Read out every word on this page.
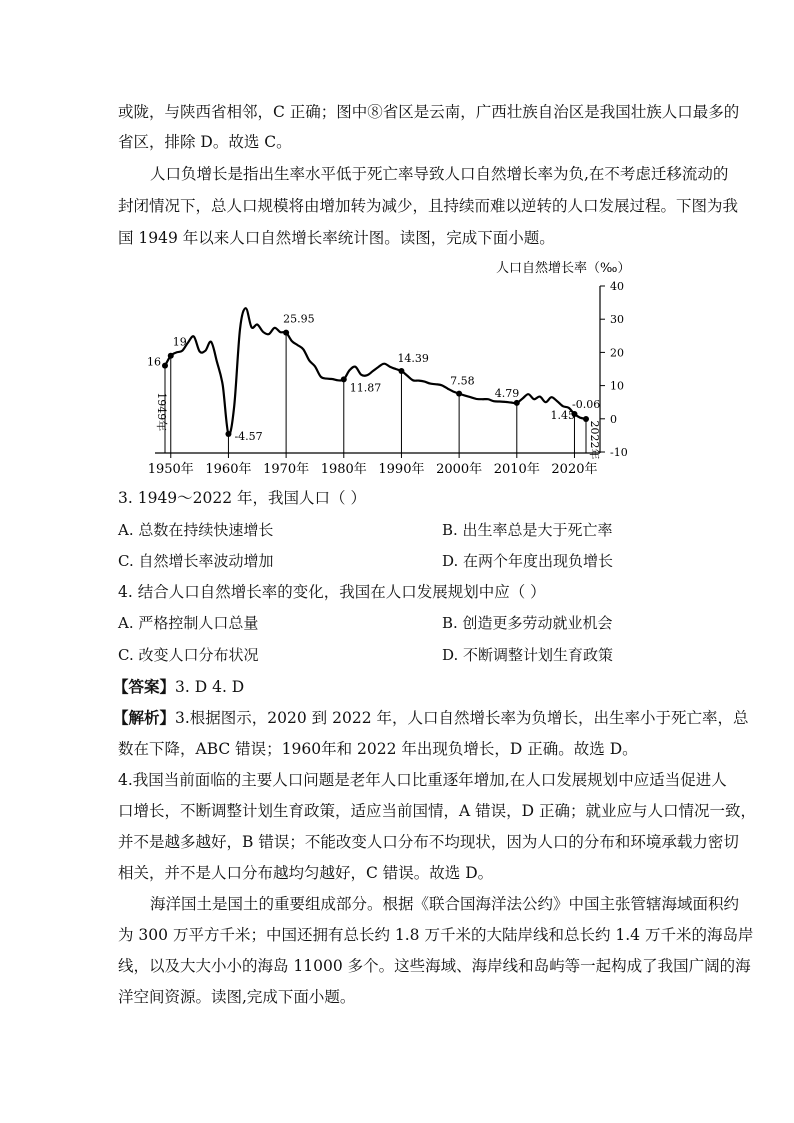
或陇，与陕西省相邻，C 正确；图中⑧省区是云南，广西壮族自治区是我国壮族人口最多的
省区，排除 D。故选 C。
人口负增长是指出生率水平低于死亡率导致人口自然增长率为负,在不考虑迁移流动的
封闭情况下，总人口规模将由增加转为减少，且持续而难以逆转的人口发展过程。下图为我
国 1949 年以来人口自然增长率统计图。读图，完成下面小题。
人口自然增长率（‰）
40
30
20
10
0
-10
1950年 1960年 1970年 1980年 1990年 2000年 2010年 2020年
16
19
-4.57
25.95
11.87
14.39
7.58
4.79
1.45
-0.06
1949年
2022年
3. 1949～2022 年，我国人口（ ）
A. 总数在持续快速增长	B. 出生率总是大于死亡率
C. 自然增长率波动增加	D. 在两个年度出现负增长
4. 结合人口自然增长率的变化，我国在人口发展规划中应（ ）
A. 严格控制人口总量	B. 创造更多劳动就业机会
C. 改变人口分布状况	D. 不断调整计划生育政策
【答案】3. D 4. D
【解析】3.根据图示，2020 到 2022 年，人口自然增长率为负增长，出生率小于死亡率，总
数在下降，ABC 错误；1960年和 2022 年出现负增长，D 正确。故选 D。
4.我国当前面临的主要人口问题是老年人口比重逐年增加,在人口发展规划中应适当促进人
口增长，不断调整计划生育政策，适应当前国情，A 错误，D 正确；就业应与人口情况一致，
并不是越多越好，B 错误；不能改变人口分布不均现状，因为人口的分布和环境承载力密切
相关，并不是人口分布越均匀越好，C 错误。故选 D。
海洋国土是国土的重要组成部分。根据《联合国海洋法公约》中国主张管辖海域面积约
为 300 万平方千米；中国还拥有总长约 1.8 万千米的大陆岸线和总长约 1.4 万千米的海岛岸
线，以及大大小小的海岛 11000 多个。这些海域、海岸线和岛屿等一起构成了我国广阔的海
洋空间资源。读图,完成下面小题。
